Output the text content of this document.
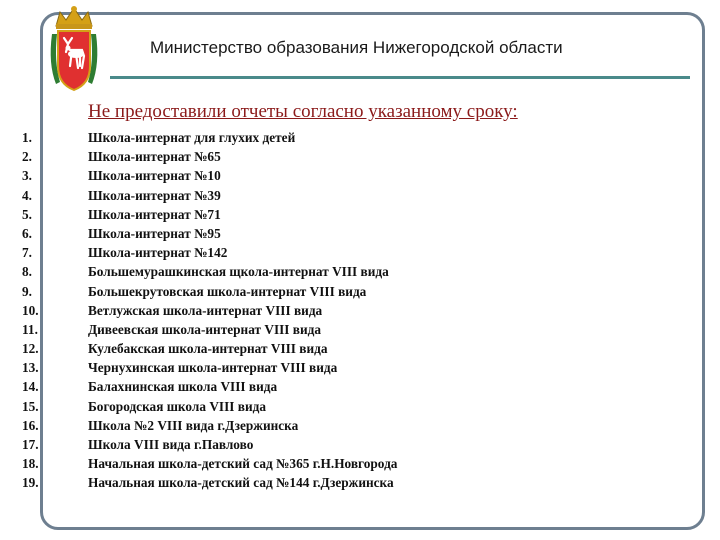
Министерство образования Нижегородской области
Не предоставили отчеты согласно указанному сроку:
1.	Школа-интернат для глухих детей
2.	Школа-интернат №65
3.	Школа-интернат №10
4.	Школа-интернат №39
5.	Школа-интернат №71
6.	Школа-интернат №95
7.	Школа-интернат №142
8.	Большемурашкинская щкола-интернат VIII вида
9.	Большекрутовская школа-интернат VIII вида
10.	Ветлужская школа-интернат VIII вида
11.	Дивеевская школа-интернат VIII вида
12.	Кулебакская школа-интернат VIII вида
13.	Чернухинская школа-интернат VIII вида
14.	Балахнинская школа VIII вида
15.	Богородская школа VIII вида
16.	Школа №2 VIII вида г.Дзержинска
17.	Школа VIII вида г.Павлово
18.	Начальная школа-детский сад №365 г.Н.Новгорода
19.	Начальная школа-детский сад №144 г.Дзержинска
